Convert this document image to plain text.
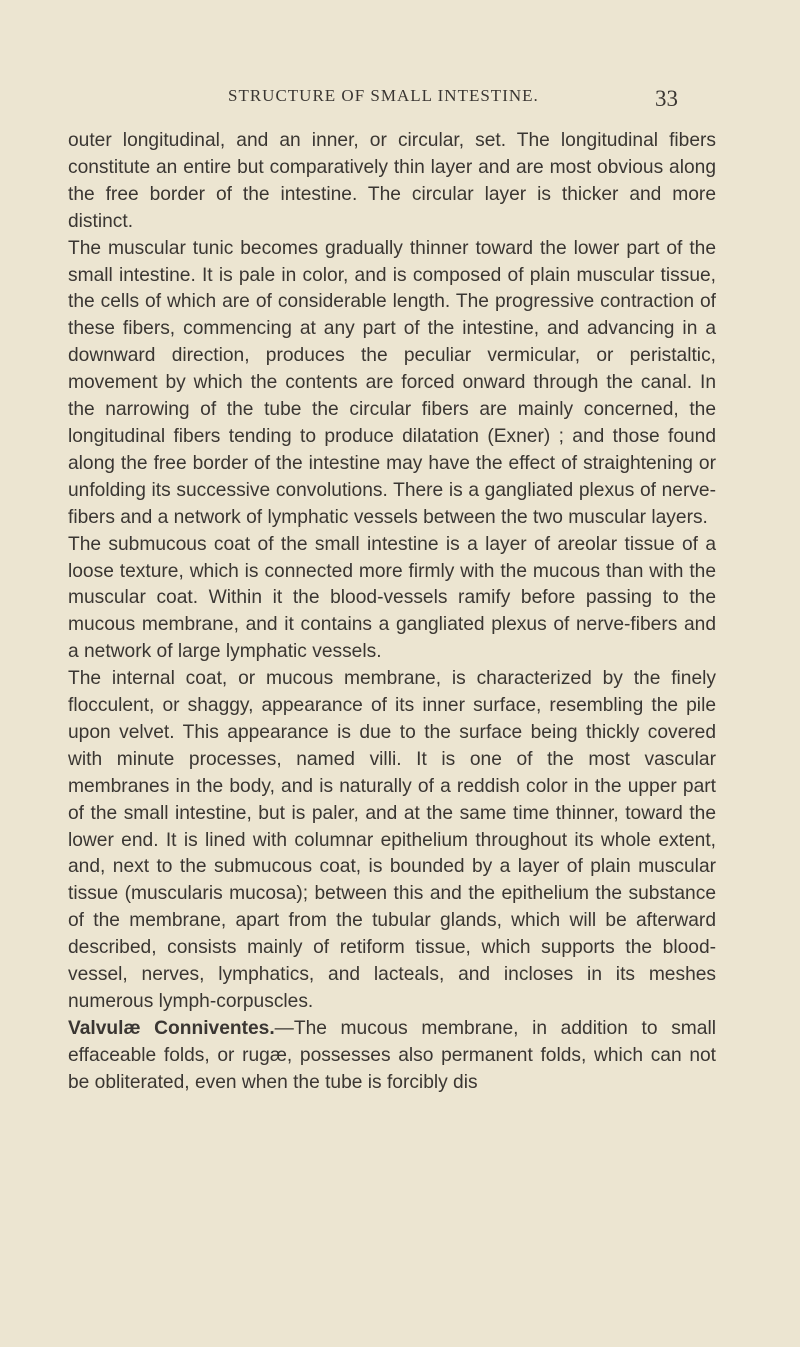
STRUCTURE OF SMALL INTESTINE.	33

outer longitudinal, and an inner, or circular, set. The longitudinal fibers constitute an entire but comparatively thin layer and are most obvious along the free border of the intestine. The circular layer is thicker and more distinct.

The muscular tunic becomes gradually thinner toward the lower part of the small intestine. It is pale in color, and is composed of plain muscular tissue, the cells of which are of considerable length. The progressive contraction of these fibers, commencing at any part of the intestine, and advancing in a downward direction, produces the peculiar vermicular, or peristaltic, movement by which the contents are forced onward through the canal. In the narrowing of the tube the circular fibers are mainly concerned, the longitudinal fibers tending to produce dilatation (Exner) ; and those found along the free border of the intestine may have the effect of straightening or unfolding its successive convolutions. There is a gangliated plexus of nerve-fibers and a network of lymphatic vessels between the two muscular layers.

The submucous coat of the small intestine is a layer of areolar tissue of a loose texture, which is connected more firmly with the mucous than with the muscular coat. Within it the blood-vessels ramify before passing to the mucous membrane, and it contains a gangliated plexus of nerve-fibers and a network of large lymphatic vessels.

The internal coat, or mucous membrane, is characterized by the finely flocculent, or shaggy, appearance of its inner surface, resembling the pile upon velvet. This appearance is due to the surface being thickly covered with minute processes, named villi. It is one of the most vascular membranes in the body, and is naturally of a reddish color in the upper part of the small intestine, but is paler, and at the same time thinner, toward the lower end. It is lined with columnar epithelium throughout its whole extent, and, next to the submucous coat, is bounded by a layer of plain muscular tissue (muscularis mucosa); between this and the epithelium the substance of the membrane, apart from the tubular glands, which will be afterward described, consists mainly of retiform tissue, which supports the blood-vessel, nerves, lymphatics, and lacteals, and incloses in its meshes numerous lymph-corpuscles.

Valvulæ Conniventes.—The mucous membrane, in addition to small effaceable folds, or rugæ, possesses also permanent folds, which can not be obliterated, even when the tube is forcibly dis
